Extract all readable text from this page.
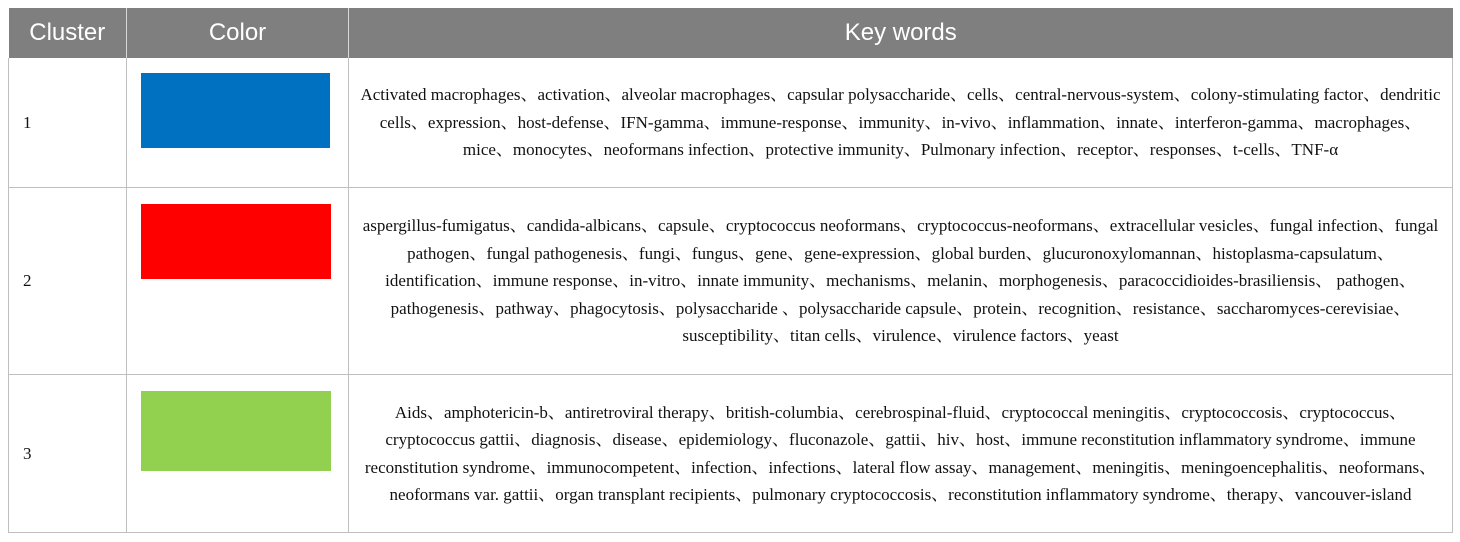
Cluster	Color	Key words
1		Activated macrophages、activation、alveolar macrophages、capsular polysaccharide、cells、central-nervous-system、colony-stimulating factor、dendritic cells、expression、host-defense、IFN-gamma、immune-response、immunity、in-vivo、inflammation、innate、interferon-gamma、macrophages、mice、monocytes、neoformans infection、protective immunity、Pulmonary infection、receptor、responses、t-cells、TNF-α
2		aspergillus-fumigatus、candida-albicans、capsule、cryptococcus neoformans、cryptococcus-neoformans、extracellular vesicles、fungal infection、fungal pathogen、fungal pathogenesis、fungi、fungus、gene、gene-expression、global burden、glucuronoxylomannan、histoplasma-capsulatum、identification、immune response、in-vitro、innate immunity、mechanisms、melanin、morphogenesis、paracoccidioides-brasiliensis、 pathogen、pathogenesis、pathway、phagocytosis、polysaccharide 、polysaccharide capsule、protein、recognition、resistance、saccharomyces-cerevisiae、susceptibility、titan cells、virulence、virulence factors、yeast
3		Aids、amphotericin-b、antiretroviral therapy、british-columbia、cerebrospinal-fluid、cryptococcal meningitis、cryptococcosis、cryptococcus、cryptococcus gattii、diagnosis、disease、epidemiology、fluconazole、gattii、hiv、host、immune reconstitution inflammatory syndrome、immune reconstitution syndrome、immunocompetent、infection、infections、lateral flow assay、management、meningitis、meningoencephalitis、neoformans、neoformans var. gattii、organ transplant recipients、pulmonary cryptococcosis、reconstitution inflammatory syndrome、therapy、vancouver-island
